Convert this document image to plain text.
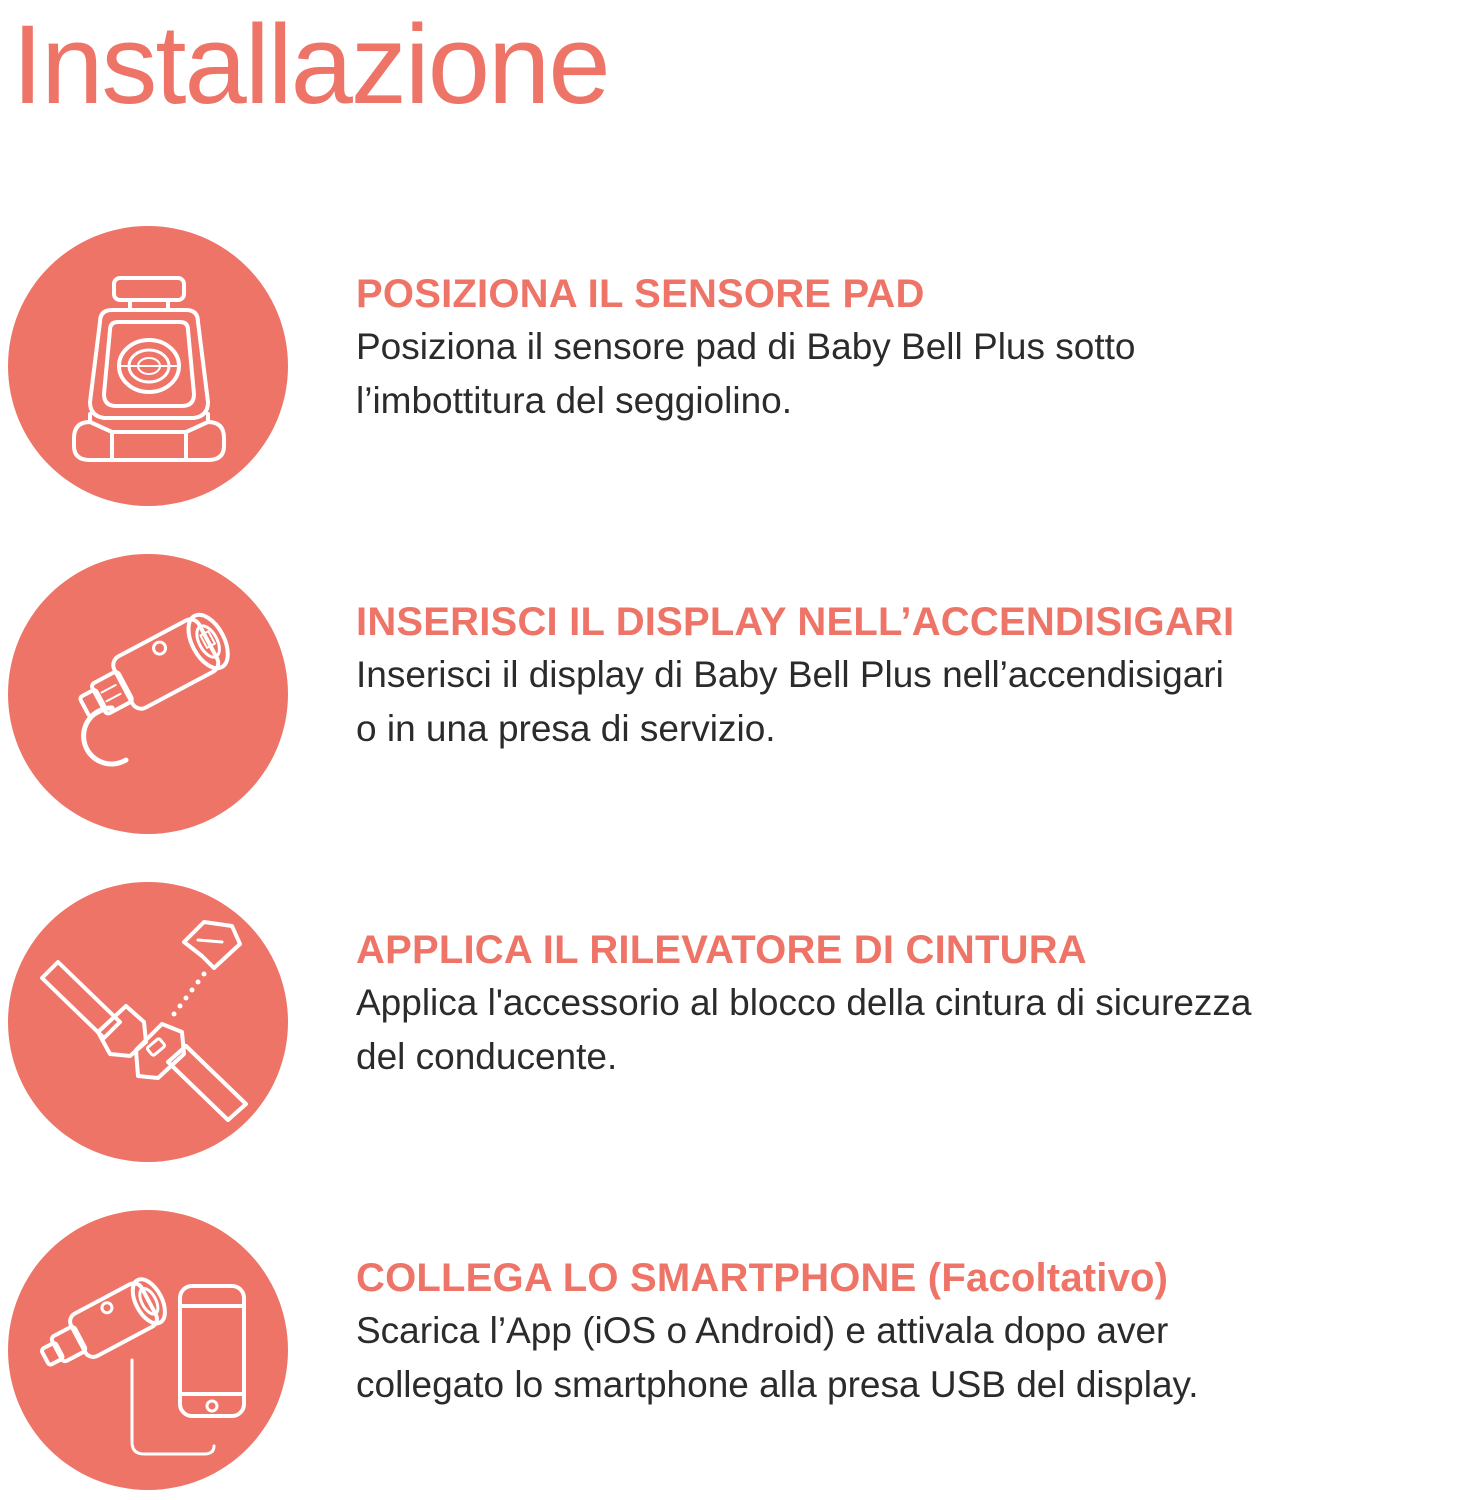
Installazione
POSIZIONA IL SENSORE PAD
Posiziona il sensore pad di Baby Bell Plus sotto
l’imbottitura del seggiolino.
INSERISCI IL DISPLAY NELL’ACCENDISIGARI
Inserisci il display di Baby Bell Plus nell’accendisigari
o in una presa di servizio.
APPLICA IL RILEVATORE DI CINTURA
Applica l'accessorio al blocco della cintura di sicurezza
del conducente.
COLLEGA LO SMARTPHONE (Facoltativo)
Scarica l’App (iOS o Android) e attivala dopo aver
collegato lo smartphone alla presa USB del display.
